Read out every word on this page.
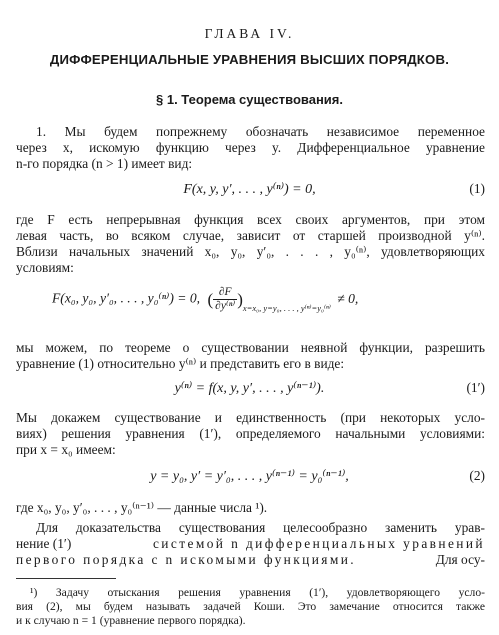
ГЛАВА IV.
ДИФФЕРЕНЦИАЛЬНЫЕ УРАВНЕНИЯ ВЫСШИХ ПОРЯДКОВ.
§ 1. Теорема существования.
1. Мы будем попрежнему обозначать независимое переменное
через x, искомую функцию через y. Дифференциальное уравнение
n-го порядка (n > 1) имеет вид:
F(x, y, y′, . . . , y⁽ⁿ⁾) = 0,	(1)
где F есть непрерывная функция всех своих аргументов, при этом
левая часть, во всяком случае, зависит от старшей производной y⁽ⁿ⁾.
Вблизи начальных значений x₀, y₀, y′₀, . . . , y₀⁽ⁿ⁾, удовлетворяющих
условиям:
F(x₀, y₀, y′₀, . . . , y₀⁽ⁿ⁾) = 0, ( $\frac{\partial F}{\text{∂y⁽ⁿ⁾}} )x=x_0$, y=y₀, . . . , y⁽ⁿ⁾=y₀⁽ⁿ⁾ ≠ 0,
мы можем, по теореме о существовании неявной функции, разрешить
уравнение (1) относительно y⁽ⁿ⁾ и представить его в виде:
y⁽ⁿ⁾ = f(x, y, y′, . . . , y⁽ⁿ⁻¹⁾).	(1′)
Мы докажем существование и единственность (при некоторых усло-
виях) решения уравнения (1′), определяемого начальными условиями:
при x = x₀ имеем:
y = y₀, y′ = y′₀, . . . , y⁽ⁿ⁻¹⁾ = y₀⁽ⁿ⁻¹⁾,	(2)
где x₀, y₀, y′₀, . . . , y₀⁽ⁿ⁻¹⁾ — данные числа ¹).
Для доказательства существования целесообразно заменить урав-
нение (1′)	системой n дифференциальных уравнений
первого порядка с n искомыми функциями.	Для осу-
¹) Задачу отыскания решения уравнения (1′), удовлетворяющего усло-
вия (2), мы будем называть задачей Коши. Это замечание относится также
и к случаю n = 1 (уравнение первого порядка).
